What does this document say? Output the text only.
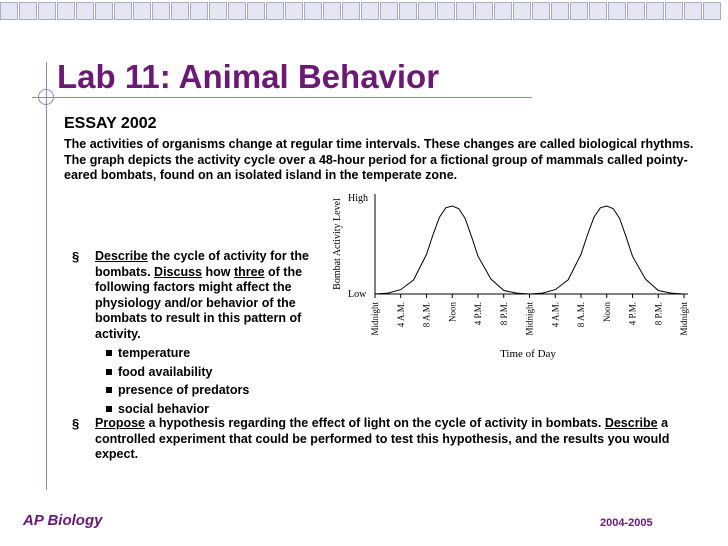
Lab 11: Animal Behavior
ESSAY 2002
The activities of organisms change at regular time intervals. These changes are called biological rhythms. The graph depicts the activity cycle over a 48-hour period for a fictional group of mammals called pointy-eared bombats, found on an isolated island in the temperate zone.
§ Describe the cycle of activity for the bombats. Discuss how three of the following factors might affect the physiology and/or behavior of the bombats to result in this pattern of activity.
temperature
food availability
presence of predators
social behavior
§ Propose a hypothesis regarding the effect of light on the cycle of activity in bombats. Describe a controlled experiment that could be performed to test this hypothesis, and the results you would expect.
Bombat Activity Level
Time of Day
High
Low
Midnight 4 A.M. 8 A.M. Noon 4 P.M. 8 P.M. Midnight 4 A.M. 8 A.M. Noon 4 P.M. 8 P.M. Midnight
AP Biology	2004-2005
